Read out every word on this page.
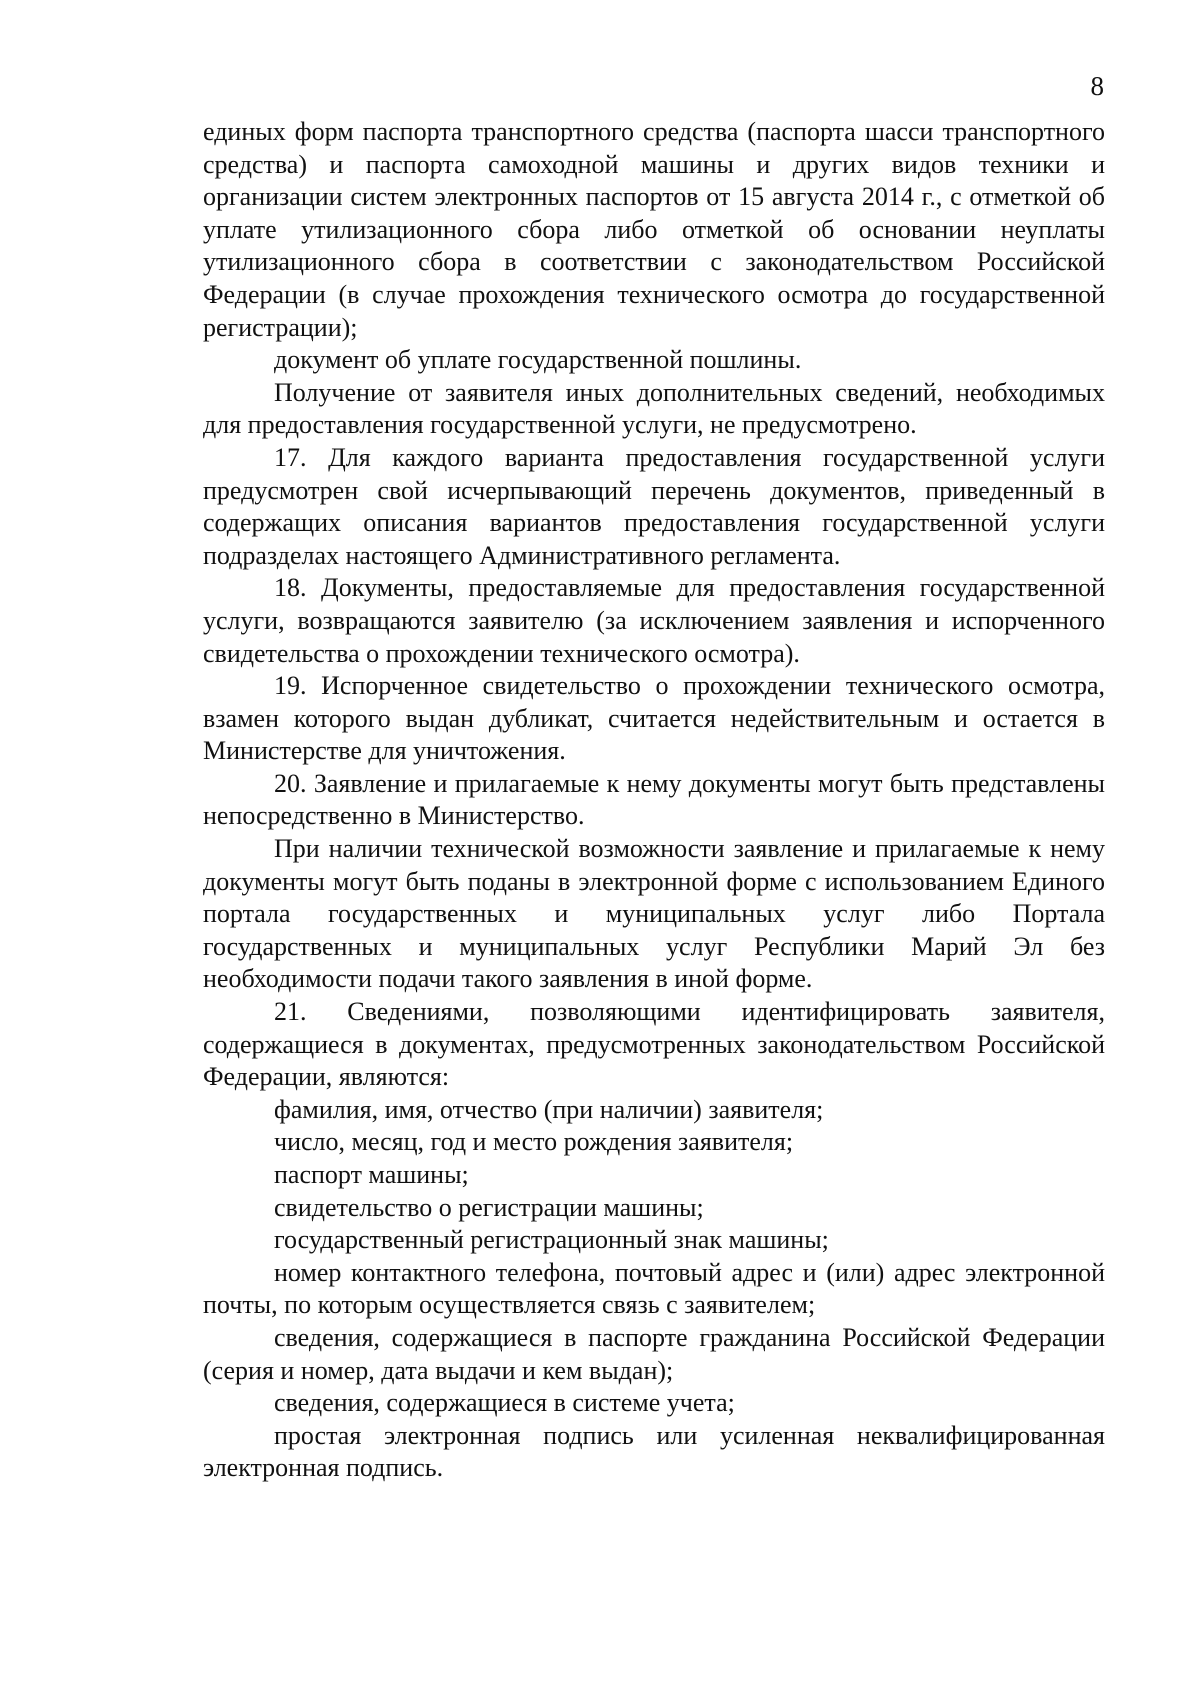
8

единых форм паспорта транспортного средства (паспорта шасси транспортного средства) и паспорта самоходной машины и других видов техники и организации систем электронных паспортов от 15 августа 2014 г., с отметкой об уплате утилизационного сбора либо отметкой об основании неуплаты утилизационного сбора в соответствии с законодательством Российской Федерации (в случае прохождения технического осмотра до государственной регистрации);

документ об уплате государственной пошлины.

Получение от заявителя иных дополнительных сведений, необходимых для предоставления государственной услуги, не предусмотрено.

17. Для каждого варианта предоставления государственной услуги предусмотрен свой исчерпывающий перечень документов, приведенный в содержащих описания вариантов предоставления государственной услуги подразделах настоящего Административного регламента.

18. Документы, предоставляемые для предоставления государственной услуги, возвращаются заявителю (за исключением заявления и испорченного свидетельства о прохождении технического осмотра).

19. Испорченное свидетельство о прохождении технического осмотра, взамен которого выдан дубликат, считается недействительным и остается в Министерстве для уничтожения.

20. Заявление и прилагаемые к нему документы могут быть представлены непосредственно в Министерство.

При наличии технической возможности заявление и прилагаемые к нему документы могут быть поданы в электронной форме с использованием Единого портала государственных и муниципальных услуг либо Портала государственных и муниципальных услуг Республики Марий Эл без необходимости подачи такого заявления в иной форме.

21. Сведениями, позволяющими идентифицировать заявителя, содержащиеся в документах, предусмотренных законодательством Российской Федерации, являются:

фамилия, имя, отчество (при наличии) заявителя;

число, месяц, год и место рождения заявителя;

паспорт машины;

свидетельство о регистрации машины;

государственный регистрационный знак машины;

номер контактного телефона, почтовый адрес и (или) адрес электронной почты, по которым осуществляется связь с заявителем;

сведения, содержащиеся в паспорте гражданина Российской Федерации (серия и номер, дата выдачи и кем выдан);

сведения, содержащиеся в системе учета;

простая электронная подпись или усиленная неквалифицированная электронная подпись.
